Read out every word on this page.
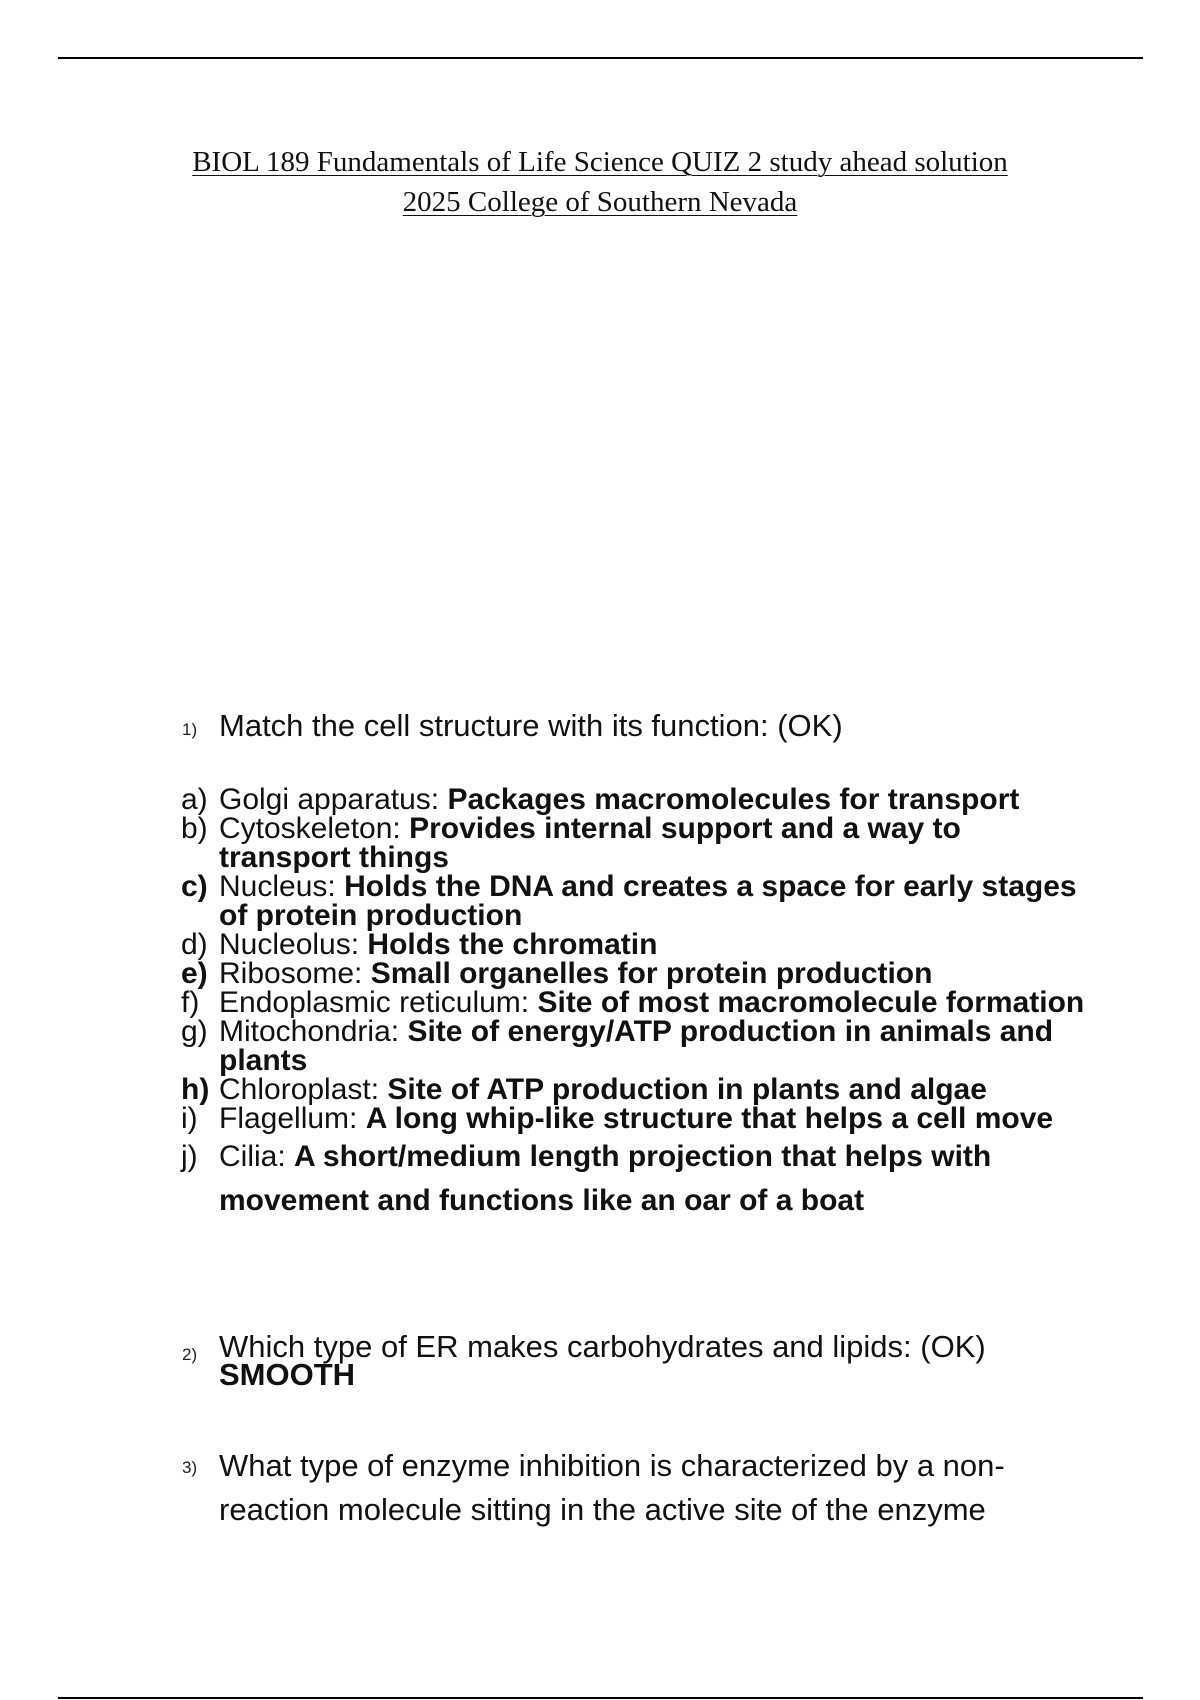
BIOL 189 Fundamentals of Life Science QUIZ 2 study ahead solution
2025 College of Southern Nevada
1) Match the cell structure with its function: (OK)
a) Golgi apparatus: Packages macromolecules for transport
b) Cytoskeleton: Provides internal support and a way to transport things
c) Nucleus: Holds the DNA and creates a space for early stages of protein production
d) Nucleolus: Holds the chromatin
e) Ribosome: Small organelles for protein production
f) Endoplasmic reticulum: Site of most macromolecule formation
g) Mitochondria: Site of energy/ATP production in animals and plants
h) Chloroplast: Site of ATP production in plants and algae
i) Flagellum: A long whip-like structure that helps a cell move
j) Cilia: A short/medium length projection that helps with movement and functions like an oar of a boat
2) Which type of ER makes carbohydrates and lipids: (OK)
SMOOTH
3) What type of enzyme inhibition is characterized by a non-reaction molecule sitting in the active site of the enzyme
